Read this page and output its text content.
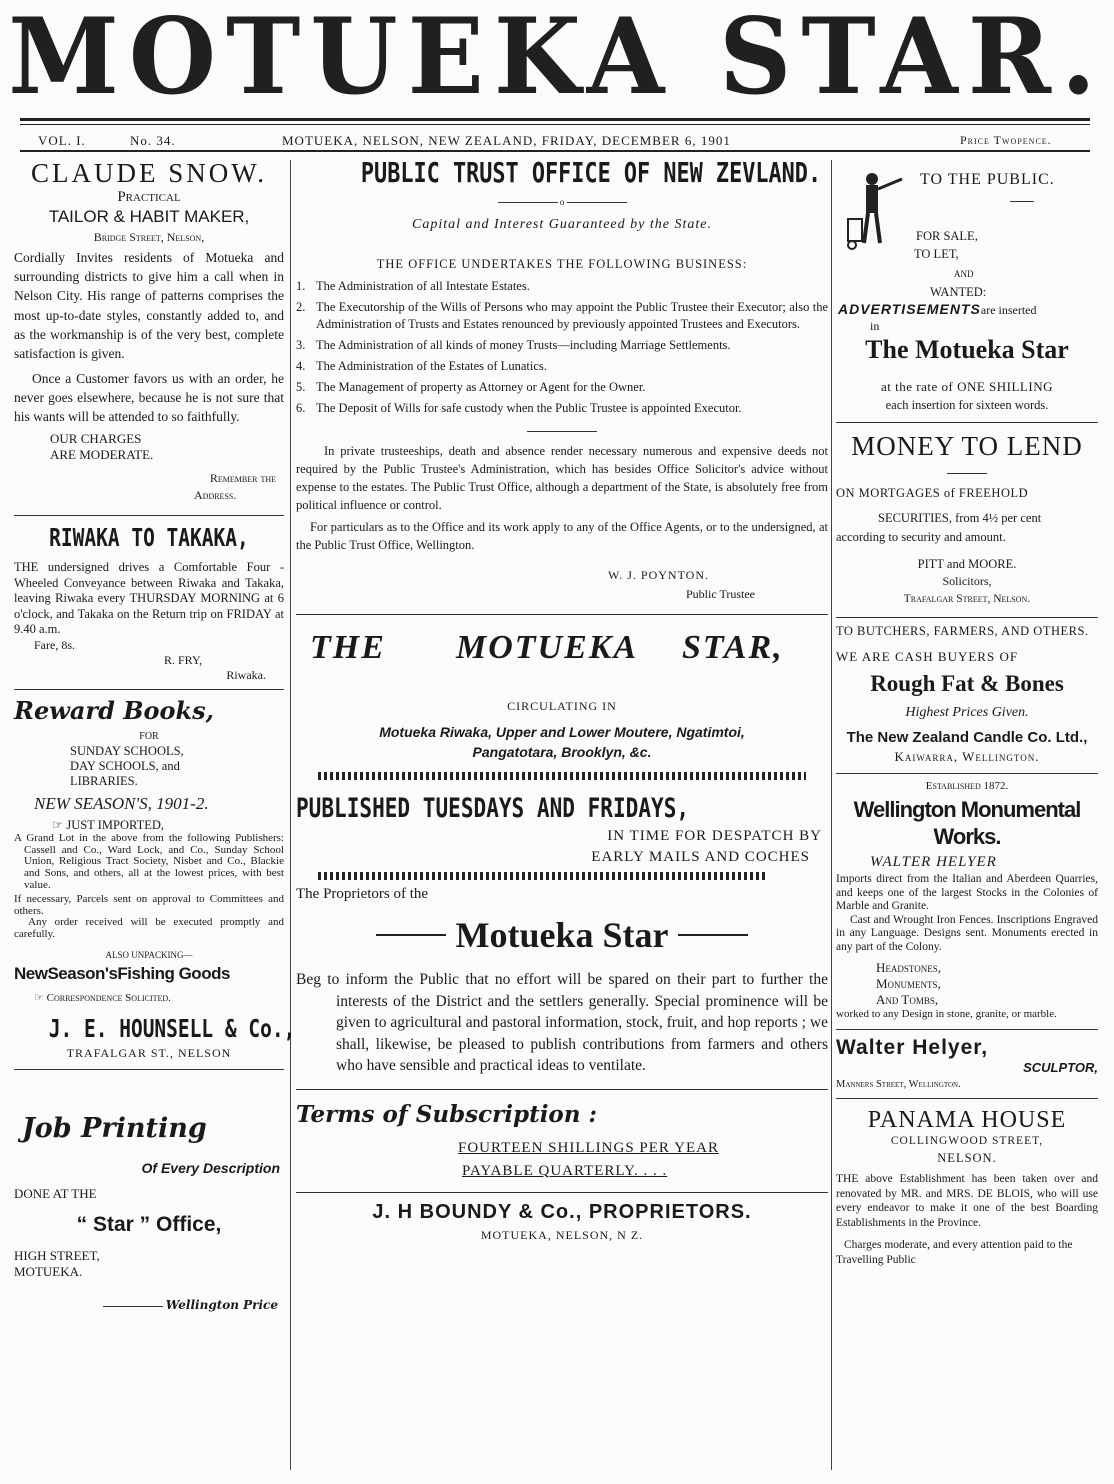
MOTUEKA STAR.
VOL. I.	No. 34.	MOTUEKA, NELSON, NEW ZEALAND, FRIDAY, DECEMBER 6, 1901	Price Twopence.
CLAUDE SNOW.
Practical
TAILOR & HABIT MAKER,
Bridge Street, Nelson,

Cordially Invites residents of Motueka and surrounding districts to give him a call when in Nelson City. His range of patterns comprises the most up-to-date styles, constantly added to, and as the workmanship is of the very best, complete satisfaction is given.

Once a Customer favors us with an order, he never goes elsewhere, because he is not sure that his wants will be attended to so faithfully.

OUR CHARGES
ARE MODERATE.
Remember the
Address.
RIWAKA TO TAKAKA,

THE undersigned drives a Comfortable Four - Wheeled Conveyance between Riwaka and Takaka, leaving Riwaka every THURSDAY MORNING at 6 o'clock, and Takaka on the Return trip on FRIDAY at 9.40 a.m.

Fare, 8s.
R. FRY,
Riwaka.
Reward Books,
FOR
SUNDAY SCHOOLS,
DAY SCHOOLS, and
LIBRARIES.
NEW SEASON'S, 1901-2.
☞ JUST IMPORTED,

A Grand Lot in the above from the following Publishers: Cassell and Co., Ward Lock, and Co., Sunday School Union, Religious Tract Society, Nisbet and Co., Blackie and Sons, and others, all at the lowest prices, with best value.

If necessary, Parcels sent on approval to Committees and others.

Any order received will be executed promptly and carefully.

ALSO UNPACKING—
NewSeason'sFishing Goods
☞ Correspondence Solicited.
J. E. HOUNSELL & Co.,
TRAFALGAR ST., NELSON
Job Printing
Of Every Description
DONE AT THE
“ Star ” Office,
HIGH STREET,
MOTUEKA.
Wellington Price
PUBLIC TRUST OFFICE OF NEW ZEVLAND.
o
Capital and Interest Guaranteed by the State.
THE OFFICE UNDERTAKES THE FOLLOWING BUSINESS:
1. The Administration of all Intestate Estates.
2. The Executorship of the Wills of Persons who may appoint the Public Trustee their Executor; also the Administration of Trusts and Estates renounced by previously appointed Trustees and Executors.
3. The Administration of all kinds of money Trusts—including Marriage Settlements.
4. The Administration of the Estates of Lunatics.
5. The Management of property as Attorney or Agent for the Owner.
6. The Deposit of Wills for safe custody when the Public Trustee is appointed Executor.

In private trusteeships, death and absence render necessary numerous and expensive deeds not required by the Public Trustee's Administration, which has besides Office Solicitor's advice without expense to the estates. The Public Trust Office, although a department of the State, is absolutely free from political influence or control.

For particulars as to the Office and its work apply to any of the Office Agents, or to the undersigned, at the Public Trust Office, Wellington.

W. J. POYNTON.
Public Trustee
THE MOTUEKA STAR,
CIRCULATING IN
Motueka Riwaka, Upper and Lower Moutere, Ngatimtoi,
Pangatotara, Brooklyn, &c.
PUBLISHED TUESDAYS AND FRIDAYS,
IN TIME FOR DESPATCH BY
EARLY MAILS AND COCHES
The Proprietors of the
Motueka Star

Beg to inform the Public that no effort will be spared on their part to further the interests of the District and the settlers generally. Special prominence will be given to agricultural and pastoral information, stock, fruit, and hop reports ; we shall, likewise, be pleased to publish contributions from farmers and others who have sensible and practical ideas to ventilate.

Terms of Subscription :
FOURTEEN SHILLINGS PER YEAR
PAYABLE QUARTERLY. . . .
J. H BOUNDY & Co., PROPRIETORS.
MOTUEKA, NELSON, N Z.
TO THE PUBLIC.
FOR SALE,
TO LET,
AND
WANTED:
ADVERTISEMENTSare inserted
in
The Motueka Star
at the rate of ONE SHILLING
each insertion for sixteen words.
MONEY TO LEND
ON MORTGAGES of FREEHOLD
SECURITIES, from 4½ per cent
according to security and amount.
PITT and MOORE.
Solicitors,
Trafalgar Street, Nelson.
TO BUTCHERS, FARMERS, AND OTHERS.
WE ARE CASH BUYERS OF
Rough Fat & Bones
Highest Prices Given.
The New Zealand Candle Co. Ltd.,
Kaiwarra, Wellington.
Established 1872.
Wellington Monumental Works.
WALTER HELYER

Imports direct from the Italian and Aberdeen Quarries, and keeps one of the largest Stocks in the Colonies of Marble and Granite.

Cast and Wrought Iron Fences. Inscriptions Engraved in any Language. Designs sent. Monuments erected in any part of the Colony.

Headstones,
Monuments,
And Tombs,

worked to any Design in stone, granite, or marble.

Walter Helyer,
SCULPTOR,
Manners Street, Wellington.
PANAMA HOUSE
COLLINGWOOD STREET,
NELSON.

THE above Establishment has been taken over and renovated by MR. and MRS. DE BLOIS, who will use every endeavor to make it one of the best Boarding Establishments in the Province.

Charges moderate, and every attention paid to the Travelling Public
